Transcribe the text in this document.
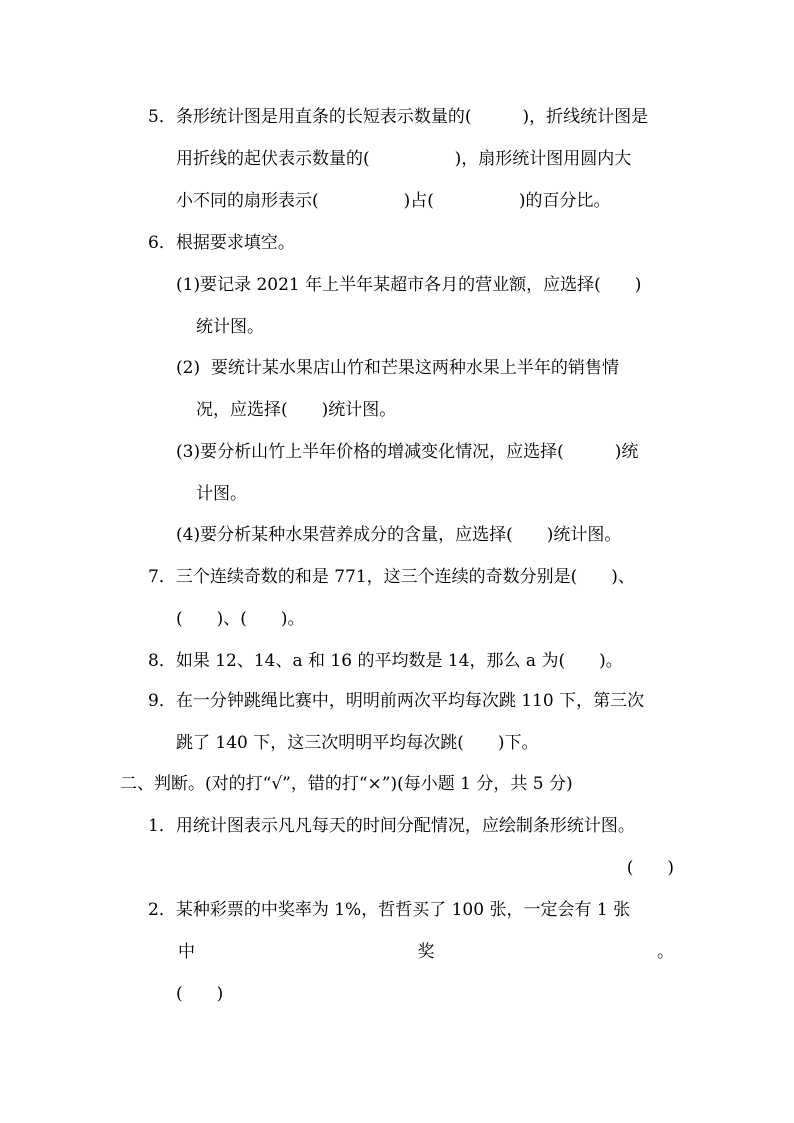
5．条形统计图是用直条的长短表示数量的(　　　)，折线统计图是
用折线的起伏表示数量的(　　　　　)，扇形统计图用圆内大
小不同的扇形表示(　　　　　)占(　　　　　)的百分比。
6．根据要求填空。
(1)要记录 2021 年上半年某超市各月的营业额，应选择(　　)
统计图。
(2)  要统计某水果店山竹和芒果这两种水果上半年的销售情
况，应选择(　　)统计图。
(3)要分析山竹上半年价格的增减变化情况，应选择(　　　)统
计图。
(4)要分析某种水果营养成分的含量，应选择(　　)统计图。
7．三个连续奇数的和是 771，这三个连续的奇数分别是(　　)、
(　　)、(　　)。
8．如果 12、14、a 和 16 的平均数是 14，那么 a 为(　　)。
9．在一分钟跳绳比赛中，明明前两次平均每次跳 110 下，第三次
跳了 140 下，这三次明明平均每次跳(　　)下。
二、判断。(对的打“√”，错的打“×”)(每小题 1 分，共 5 分)
1．用统计图表示凡凡每天的时间分配情况，应绘制条形统计图。
(　　)
2．某种彩票的中奖率为 1%，哲哲买了 100 张，一定会有 1 张
中	奖	。
(　　)
